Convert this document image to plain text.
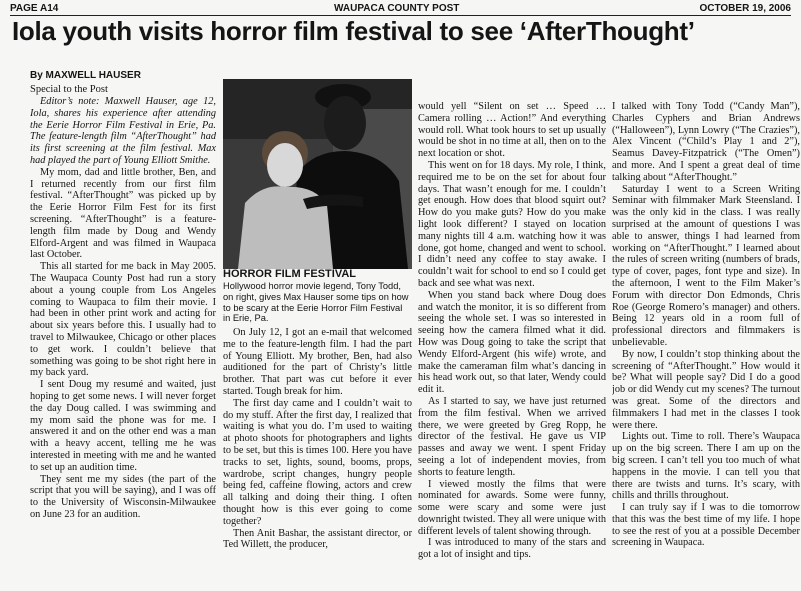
PAGE A14	WAUPACA COUNTY POST	OCTOBER 19, 2006
Iola youth visits horror film festival to see ‘AfterThought’
By MAXWELL HAUSER
Special to the Post

Editor’s note: Maxwell Hauser, age 12, Iola, shares his experience after attending the Eerie Horror Film Festival in Erie, Pa. The feature-length film “AfterThought” had its first screening at the film festival. Max had played the part of Young Elliott Smithe.

My mom, dad and little brother, Ben, and I returned recently from our first film festival. “AfterThought” was picked up by the Eerie Horror Film Fest for its first screening. “AfterThought” is a feature-length film made by Doug and Wendy Elford-Argent and was filmed in Waupaca last October.

This all started for me back in May 2005. The Waupaca County Post had run a story about a young couple from Los Angeles coming to Waupaca to film their movie. I had been in other print work and acting for about six years before this. I usually had to travel to Milwaukee, Chicago or other places to get work. I couldn’t believe that something was going to be shot right here in my back yard.

I sent Doug my resumé and waited, just hoping to get some news. I will never forget the day Doug called. I was swimming and my mom said the phone was for me. I answered it and on the other end was a man with a heavy accent, telling me he was interested in meeting with me and he wanted to set up an audition time.

They sent me my sides (the part of the script that you will be saying), and I was off to the University of Wisconsin-Milwaukee on June 23 for an audition.

HORROR FILM FESTIVAL
Hollywood horror movie legend, Tony Todd, on right, gives Max Hauser some tips on how to be scary at the Eerie Horror Film Festival in Erie, Pa.

On July 12, I got an e-mail that welcomed me to the feature-length film. I had the part of Young Elliott. My brother, Ben, had also auditioned for the part of Christy’s little brother. That part was cut before it ever started. Tough break for him.

The first day came and I couldn’t wait to do my stuff. After the first day, I realized that waiting is what you do. I’m used to waiting at photo shoots for photographers and lights to be set, but this is times 100. Here you have tracks to set, lights, sound, booms, props, wardrobe, script changes, hungry people being fed, caffeine flowing, actors and crew all talking and doing their thing. I often thought how is this ever going to come together?

Then Anit Bashar, the assistant director, or Ted Willett, the producer,

would yell “Silent on set … Speed … Camera rolling … Action!” And everything would roll. What took hours to set up usually would be shot in no time at all, then on to the next location or shot.

This went on for 18 days. My role, I think, required me to be on the set for about four days. That wasn’t enough for me. I couldn’t get enough. How does that blood squirt out? How do you make guts? How do you make light look different? I stayed on location many nights till 4 a.m. watching how it was done, got home, changed and went to school. I didn’t need any coffee to stay awake. I couldn’t wait for school to end so I could get back and see what was next.

When you stand back where Doug does and watch the monitor, it is so different from seeing the whole set. I was so interested in seeing how the camera filmed what it did. How was Doug going to take the script that Wendy Elford-Argent (his wife) wrote, and make the cameraman film what’s dancing in his head work out, so that later, Wendy could edit it.

As I started to say, we have just returned from the film festival. When we arrived there, we were greeted by Greg Ropp, he director of the festival. He gave us VIP passes and away we went. I spent Friday seeing a lot of independent movies, from shorts to feature length.

I viewed mostly the films that were nominated for awards. Some were funny, some were scary and some were just downright twisted. They all were unique with different levels of talent showing through.

I was introduced to many of the stars and got a lot of insight and tips.

I talked with Tony Todd (“Candy Man”), Charles Cyphers and Brian Andrews (“Halloween”), Lynn Lowry (“The Crazies”), Alex Vincent (“Child’s Play 1 and 2”), Seamus Davey-Fitzpatrick (“The Omen”) and more. And I spent a great deal of time talking about “AfterThought.”

Saturday I went to a Screen Writing Seminar with filmmaker Mark Steensland. I was the only kid in the class. I was really surprised at the amount of questions I was able to answer, things I had learned from working on “AfterThought.” I learned about the rules of screen writing (numbers of brads, type of cover, pages, font type and size). In the afternoon, I went to the Film Maker’s Forum with director Don Edmonds, Chris Roe (George Romero’s manager) and others. Being 12 years old in a room full of professional directors and filmmakers is unbelievable.

By now, I couldn’t stop thinking about the screening of “AfterThought.” How would it be? What will people say? Did I do a good job or did Wendy cut my scenes? The turnout was great. Some of the directors and filmmakers I had met in the classes I took were there.

Lights out. Time to roll. There’s Waupaca up on the big screen. There I am up on the big screen. I can’t tell you too much of what happens in the movie. I can tell you that there are twists and turns. It’s scary, with chills and thrills throughout.

I can truly say if I was to die tomorrow that this was the best time of my life. I hope to see the rest of you at a possible December screening in Waupaca.
